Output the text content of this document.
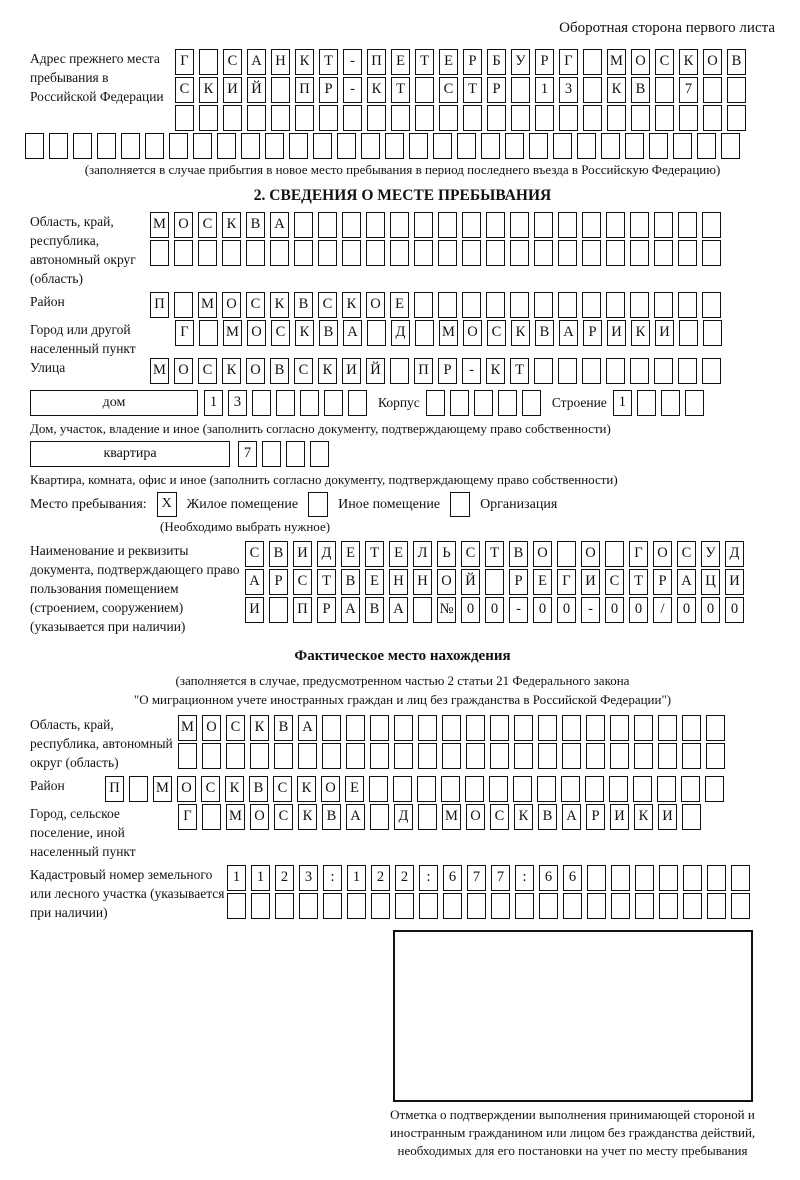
Оборотная сторона первого листа
Адрес прежнего места пребывания в Российской Федерации
Г	С А Н К Т - П Е Т Е Р Б У Р Г	М О С К О В
С К И Й	П Р - К Т	С Т Р	1 3	К В	7
(заполняется в случае прибытия в новое место пребывания в период последнего въезда в Российскую Федерацию)
2. СВЕДЕНИЯ О МЕСТЕ ПРЕБЫВАНИЯ
Область, край, республика, автономный округ (область)
М О С К В А
Район	П	М О С К В С К О Е
Город или другой населенный пункт
Г	М О С К В А	Д	М О С К В А Р И К И
Улица	М О С К О В С К И Й	П Р - К Т
дом	1 3	Корпус	Строение 1
Дом, участок, владение и иное (заполнить согласно документу, подтверждающему право собственности)
квартира	7
Квартира, комната, офис и иное (заполнить согласно документу, подтверждающему право собственности)
Место пребывания:	X	Жилое помещение	Иное помещение	Организация
(Необходимо выбрать нужное)
Наименование и реквизиты документа, подтверждающего право пользования помещением (строением, сооружением) (указывается при наличии)
С В И Д Е Т Е Л Ь С Т В О	О	Г О С У Д
А Р С Т В Е Н Н О Й	Р Е Г И С Т Р А Ц И
И	П Р А В А № 0 0 - 0 0 - 0 0 / 0 0 0
Фактическое место нахождения
(заполняется в случае, предусмотренном частью 2 статьи 21 Федерального закона
"О миграционном учете иностранных граждан и лиц без гражданства в Российской Федерации")
Область, край, республика, автономный округ (область)
М О С К В А
Район	П	М О С К В С К О Е
Город, сельское поселение, иной населенный пункт
Г	М О С К В А	Д	М О С К В А Р И К И
Кадастровый номер земельного или лесного участка (указывается при наличии)
1 1 2 3 : 1 2 2 : 6 7 7 : 6 6
Отметка о подтверждении выполнения принимающей стороной и иностранным гражданином или лицом без гражданства действий, необходимых для его постановки на учет по месту пребывания
